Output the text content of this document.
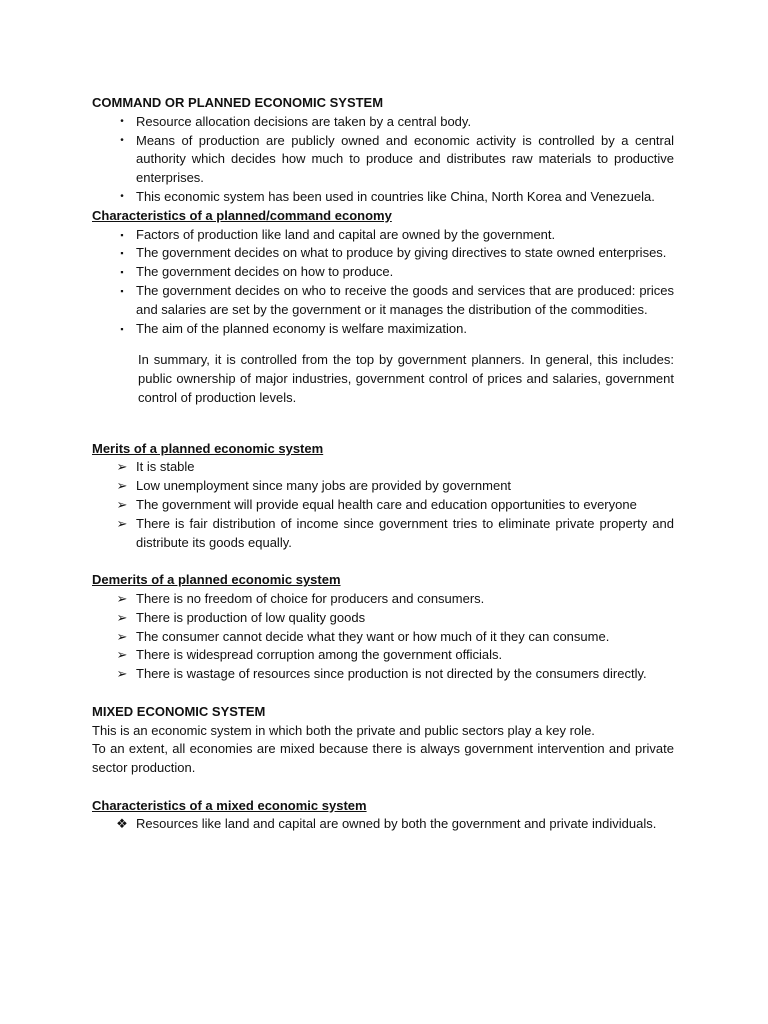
COMMAND OR PLANNED ECONOMIC SYSTEM

• Resource allocation decisions are taken by a central body.
• Means of production are publicly owned and economic activity is controlled by a central authority which decides how much to produce and distributes raw materials to productive enterprises.
• This economic system has been used in countries like China, North Korea and Venezuela.

Characteristics of a planned/command economy

▪ Factors of production like land and capital are owned by the government.
▪ The government decides on what to produce by giving directives to state owned enterprises.
▪ The government decides on how to produce.
▪ The government decides on who to receive the goods and services that are produced: prices and salaries are set by the government or it manages the distribution of the commodities.
▪ The aim of the planned economy is welfare maximization.

In summary, it is controlled from the top by government planners. In general, this includes: public ownership of major industries, government control of prices and salaries, government control of production levels.

Merits of a planned economic system

➢ It is stable
➢ Low unemployment since many jobs are provided by government
➢ The government will provide equal health care and education opportunities to everyone
➢ There is fair distribution of income since government tries to eliminate private property and distribute its goods equally.

Demerits of a planned economic system

➢ There is no freedom of choice for producers and consumers.
➢ There is production of low quality goods
➢ The consumer cannot decide what they want or how much of it they can consume.
➢ There is widespread corruption among the government officials.
➢ There is wastage of resources since production is not directed by the consumers directly.

MIXED ECONOMIC SYSTEM

This is an economic system in which both the private and public sectors play a key role.

To an extent, all economies are mixed because there is always government intervention and private sector production.

Characteristics of a mixed economic system

❖ Resources like land and capital are owned by both the government and private individuals.
